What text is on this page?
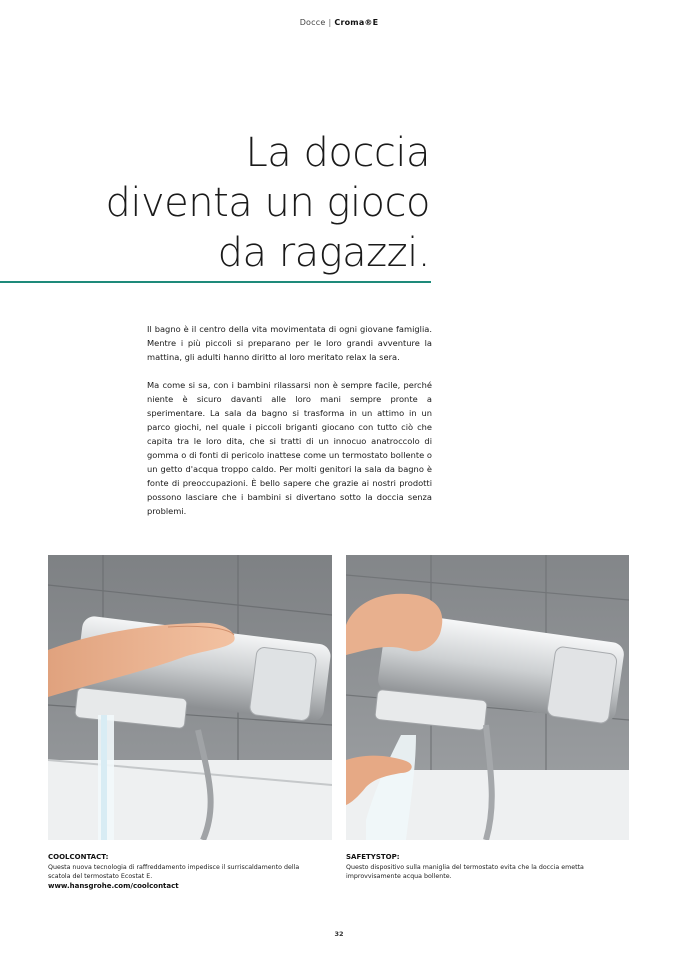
Docce | Croma®E
La doccia
diventa un gioco
da ragazzi.

Il bagno è il centro della vita movimentata di ogni giovane famiglia. Mentre i più piccoli si preparano per le loro grandi avventure la mattina, gli adulti hanno diritto al loro meritato relax la sera.

Ma come si sa, con i bambini rilassarsi non è sempre facile, perché niente è sicuro davanti alle loro mani sempre pronte a sperimentare. La sala da bagno si trasforma in un attimo in un parco giochi, nel quale i piccoli briganti giocano con tutto ciò che capita tra le loro dita, che si tratti di un innocuo anatroccolo di gomma o di fonti di pericolo inattese come un termostato bollente o un getto d'acqua troppo caldo. Per molti genitori la sala da bagno è fonte di preoccupazioni. È bello sapere che grazie ai nostri prodotti possono lasciare che i bambini si divertano sotto la doccia senza problemi.

COOLCONTACT:
Questa nuova tecnologia di raffreddamento impedisce il surriscaldamento della scatola del termostato Ecostat E.
www.hansgrohe.com/coolcontact
SAFETYSTOP:
Questo dispositivo sulla maniglia del termostato evita che la doccia emetta improvvisamente acqua bollente.
32
